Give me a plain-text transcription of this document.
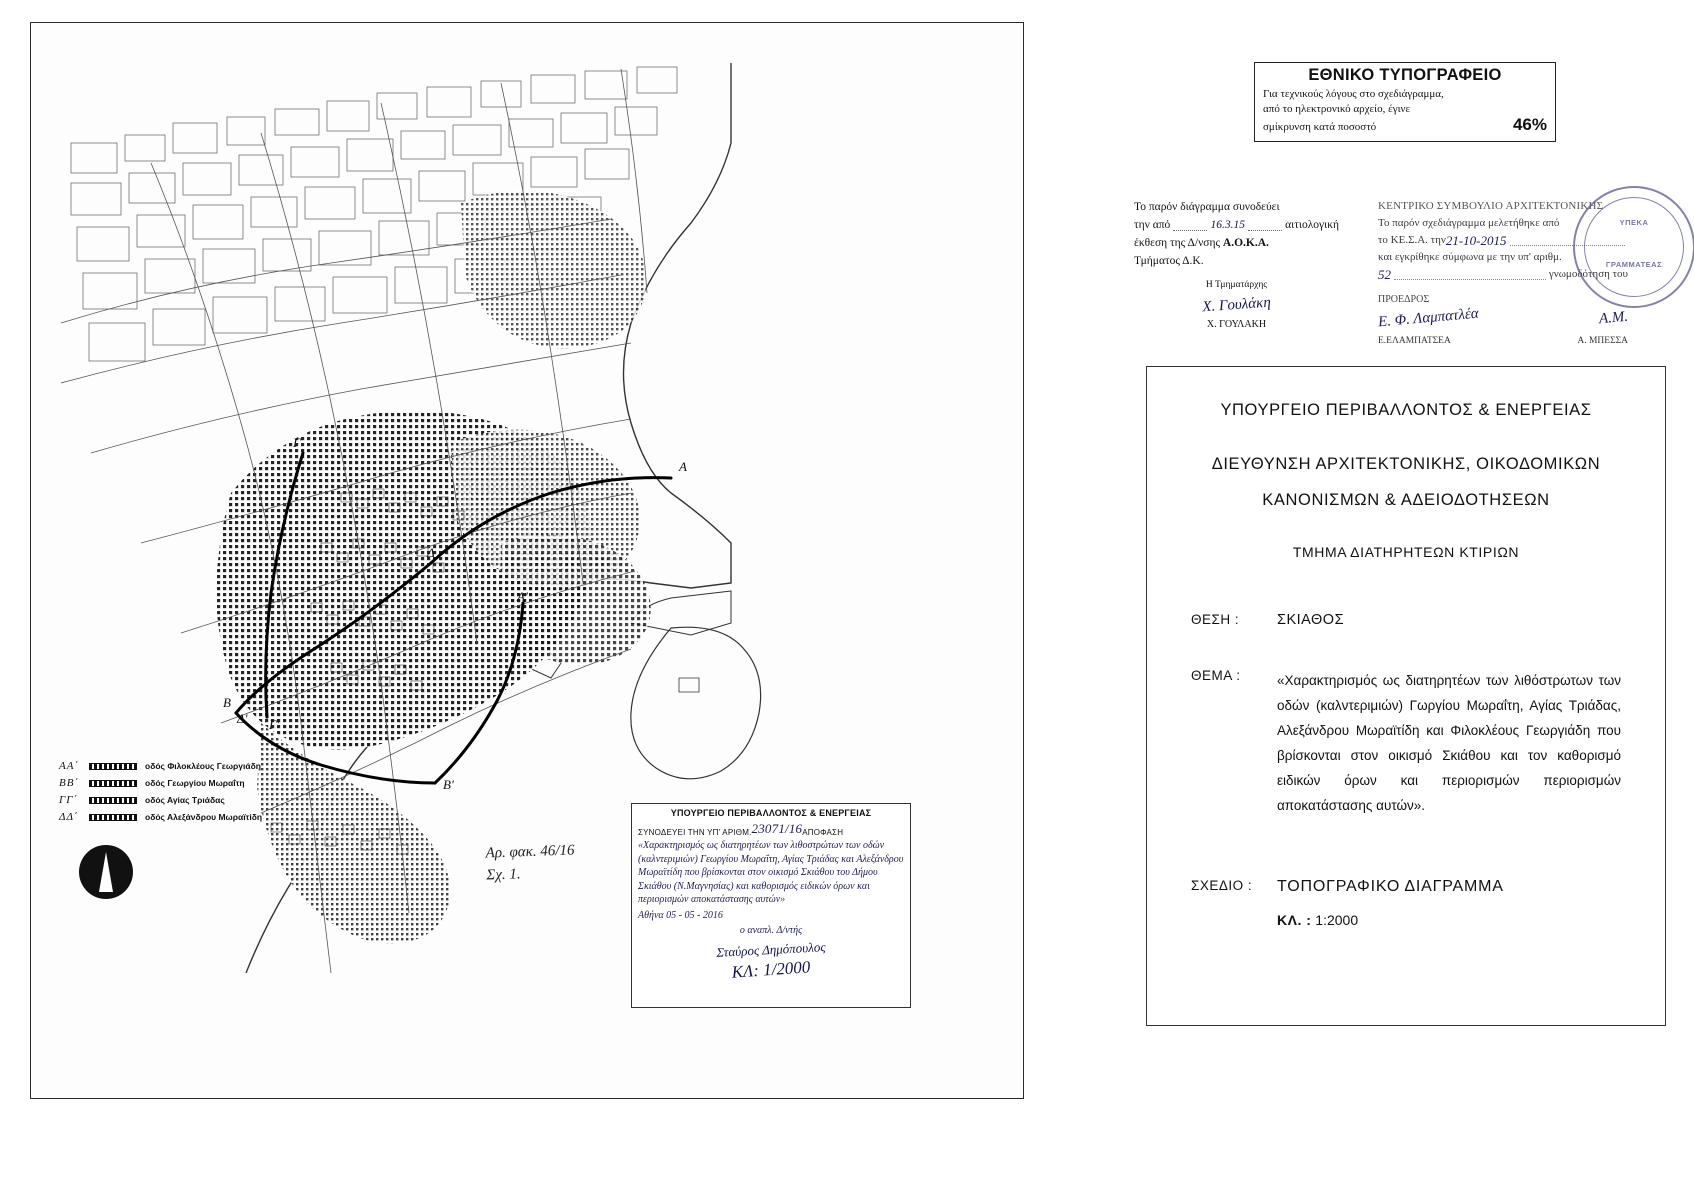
A
A'
B
B'
Γ
Γ'
Δ
Δ'
ΑΑ΄	οδός Φιλοκλέους Γεωργιάδη
ΒΒ΄	οδός Γεωργίου Μωραΐτη
ΓΓ΄	οδός Αγίας Τριάδας
ΔΔ΄	οδός Αλεξάνδρου Μωραϊτίδη
Αρ. φακ. 46/16
Σχ. 1.
ΥΠΟΥΡΓΕΙΟ ΠΕΡΙΒΑΛΛΟΝΤΟΣ & ΕΝΕΡΓΕΙΑΣ
ΣΥΝΟΔΕΥΕΙ ΤΗΝ ΥΠ' ΑΡΙΘΜ. 23071/16 ΑΠΟΦΑΣΗ
«Χαρακτηρισμός ως διατηρητέων των λιθοστρώτων των οδών (καλντεριμιών) Γεωργίου Μωραΐτη, Αγίας Τριάδας και Αλεξάνδρου Μωραϊτίδη που βρίσκονται στον οικισμό Σκιάθου του Δήμου Σκιάθου (Ν.Μαγνησίας) και καθορισμός ειδικών όρων και περιορισμών αποκατάστασης αυτών»
Αθήνα 05 - 05 - 2016
ο αναπλ. Δ/ντής
Σταύρος Δημόπουλος
ΚΛ: 1/2000
ΕΘΝΙΚΟ ΤΥΠΟΓΡΑΦΕΙΟ
Για τεχνικούς λόγους στο σχεδιάγραμμα,
από το ηλεκτρονικό αρχείο, έγινε
σμίκρυνση κατά ποσοστό	46%
Το παρόν διάγραμμα συνοδεύει
την από	16.3.15	αιτιολογική
έκθεση της Δ/νσης Α.Ο.Κ.Α.
Τμήματος Δ.Κ.
Η Τμηματάρχης
Χ. Γουλάκη
Χ. ΓΟΥΛΑΚΗ
ΚΕΝΤΡΙΚΟ ΣΥΜΒΟΥΛΙΟ ΑΡΧΙΤΕΚΤΟΝΙΚΗΣ
Το παρόν σχεδιάγραμμα μελετήθηκε από
το ΚΕ.Σ.Α. την 21-10-2015
και εγκρίθηκε σύμφωνα με την υπ' αριθμ.
52	γνωμοδότηση του
ΠΡΟΕΔΡΟΣ
Ε. Φ. Λαμπατλέα	Α.Μ.
Ε.ΕΛΑΜΠΑΤΣΕΑ	Α. ΜΠΕΣΣΑ
ΥΠΕΚΑ
ΓΡΑΜΜΑΤΕΑΣ
ΥΠΟΥΡΓΕΙΟ ΠΕΡΙΒΑΛΛΟΝΤΟΣ & ΕΝΕΡΓΕΙΑΣ
ΔΙΕΥΘΥΝΣΗ ΑΡΧΙΤΕΚΤΟΝΙΚΗΣ, ΟΙΚΟΔΟΜΙΚΩΝ
ΚΑΝΟΝΙΣΜΩΝ & ΑΔΕΙΟΔΟΤΗΣΕΩΝ
ΤΜΗΜΑ ΔΙΑΤΗΡΗΤΕΩΝ ΚΤΙΡΙΩΝ
ΘΕΣΗ :	ΣΚΙΑΘΟΣ
ΘΕΜΑ :	«Χαρακτηρισμός ως διατηρητέων των λιθόστρωτων των οδών (καλντεριμιών) Γωργίου Μωραΐτη, Αγίας Τριάδας, Αλεξάνδρου Μωραϊτίδη και Φιλοκλέους Γεωργιάδη που βρίσκονται στον οικισμό Σκιάθου και τον καθορισμό ειδικών όρων και περιορισμών περιορισμών αποκατάστασης αυτών».
ΣΧΕΔΙΟ :	ΤΟΠΟΓΡΑΦΙΚΟ ΔΙΑΓΡΑΜΜΑ
ΚΛ. : 1:2000
